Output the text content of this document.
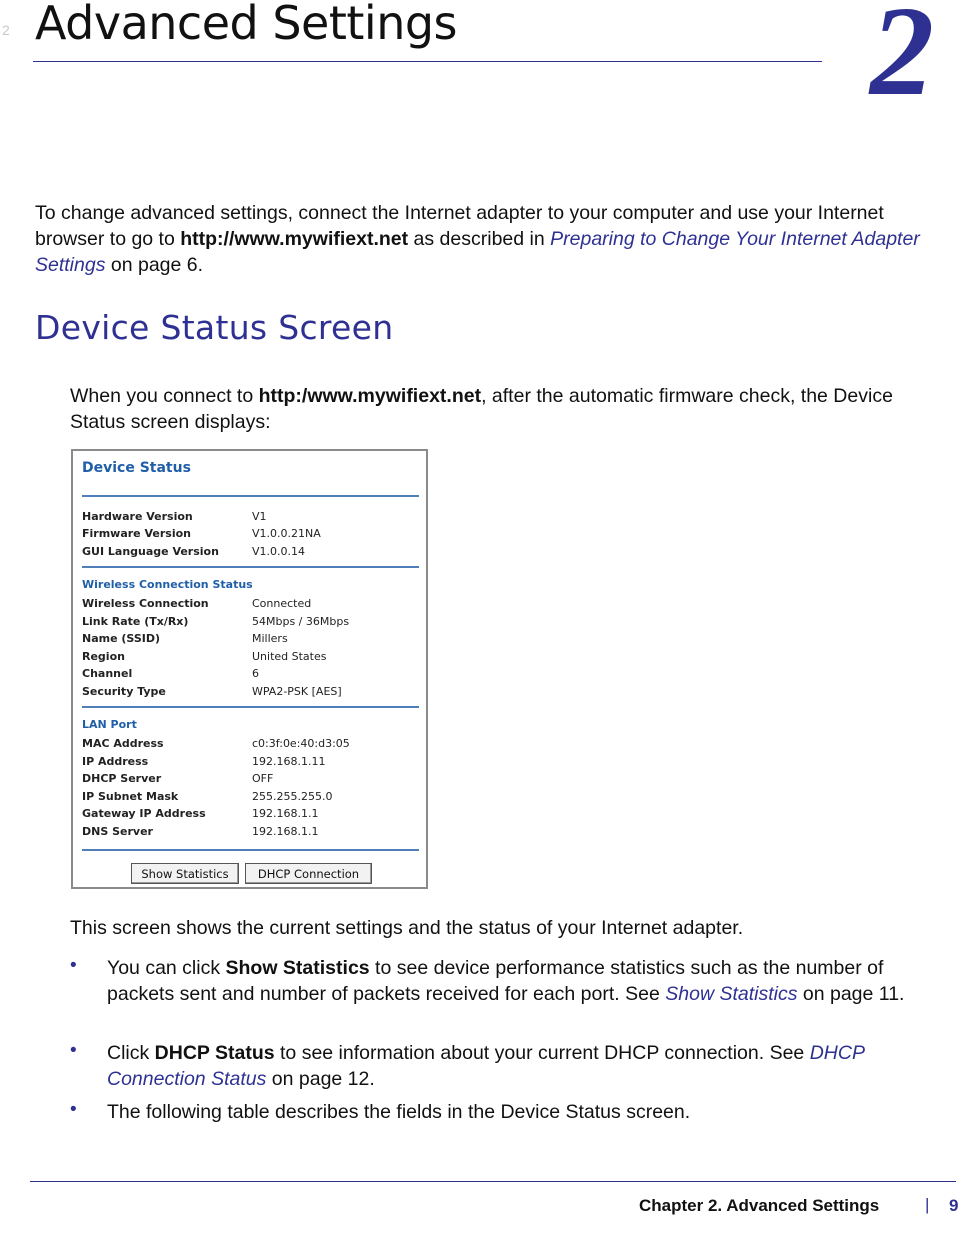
2 Advanced Settings	2

To change advanced settings, connect the Internet adapter to your computer and use your Internet browser to go to http://www.mywifiext.net as described in Preparing to Change Your Internet Adapter Settings on page 6.

Device Status Screen

When you connect to http:/www.mywifiext.net, after the automatic firmware check, the Device Status screen displays:

Device Status
Hardware Version	V1
Firmware Version	V1.0.0.21NA
GUI Language Version	V1.0.0.14
Wireless Connection Status
Wireless Connection	Connected
Link Rate (Tx/Rx)	54Mbps / 36Mbps
Name (SSID)	Millers
Region	United States
Channel	6
Security Type	WPA2-PSK [AES]
LAN Port
MAC Address	c0:3f:0e:40:d3:05
IP Address	192.168.1.11
DHCP Server	OFF
IP Subnet Mask	255.255.255.0
Gateway IP Address	192.168.1.1
DNS Server	192.168.1.1
Show Statistics	DHCP Connection

This screen shows the current settings and the status of your Internet adapter.

• You can click Show Statistics to see device performance statistics such as the number of packets sent and number of packets received for each port. See Show Statistics on page 11.

• Click DHCP Status to see information about your current DHCP connection. See DHCP Connection Status on page 12.

• The following table describes the fields in the Device Status screen.

Chapter 2. Advanced Settings	| 9
